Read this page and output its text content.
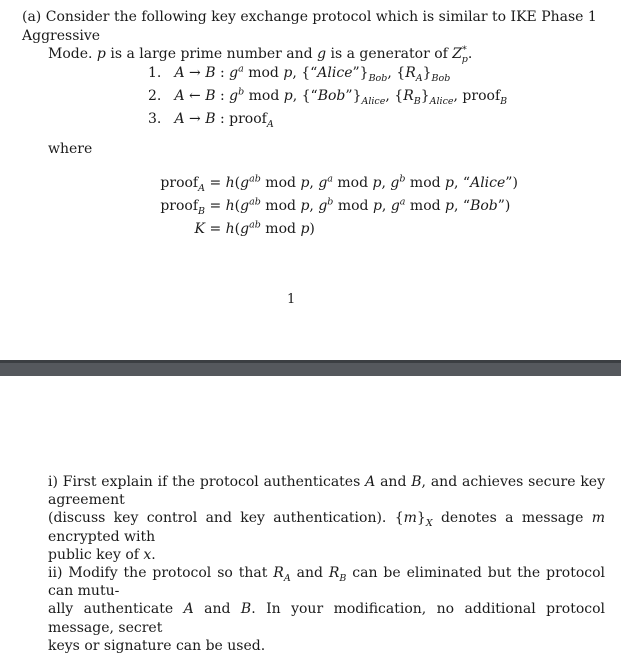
(a) Consider the following key exchange protocol which is similar to IKE Phase 1 Aggressive
Mode. p is a large prime number and g is a generator of $Z^*_p$.
1. A → B : $g^a$ mod p, $\{“Alice”\}_{Bob}$, $\{R_A\}_{Bob}$
2. A ← B : $g^b$ mod p, $\{“Bob”\}_{Alice}$, $\{R_B\}_{Alice}$, proof$_B$
3. A → B : proof$_A$
where
proof$_A$ = $h(g^{ab}$ mod p, $g^a$ mod p, $g^b$ mod p, “Alice”)
proof$_B$ = $h(g^{ab}$ mod p, $g^b$ mod p, $g^a$ mod p, “Bob”)
$K = h(g^{ab}$ mod p)
1

i) First explain if the protocol authenticates A and B, and achieves secure key agreement
(discuss key control and key authentication). $\{m\}_X$ denotes a message m encrypted with
public key of x.

ii) Modify the protocol so that $R_A$ and $R_B$ can be eliminated but the protocol can mutu-
ally authenticate A and B. In your modification, no additional protocol message, secret
keys or signature can be used.
